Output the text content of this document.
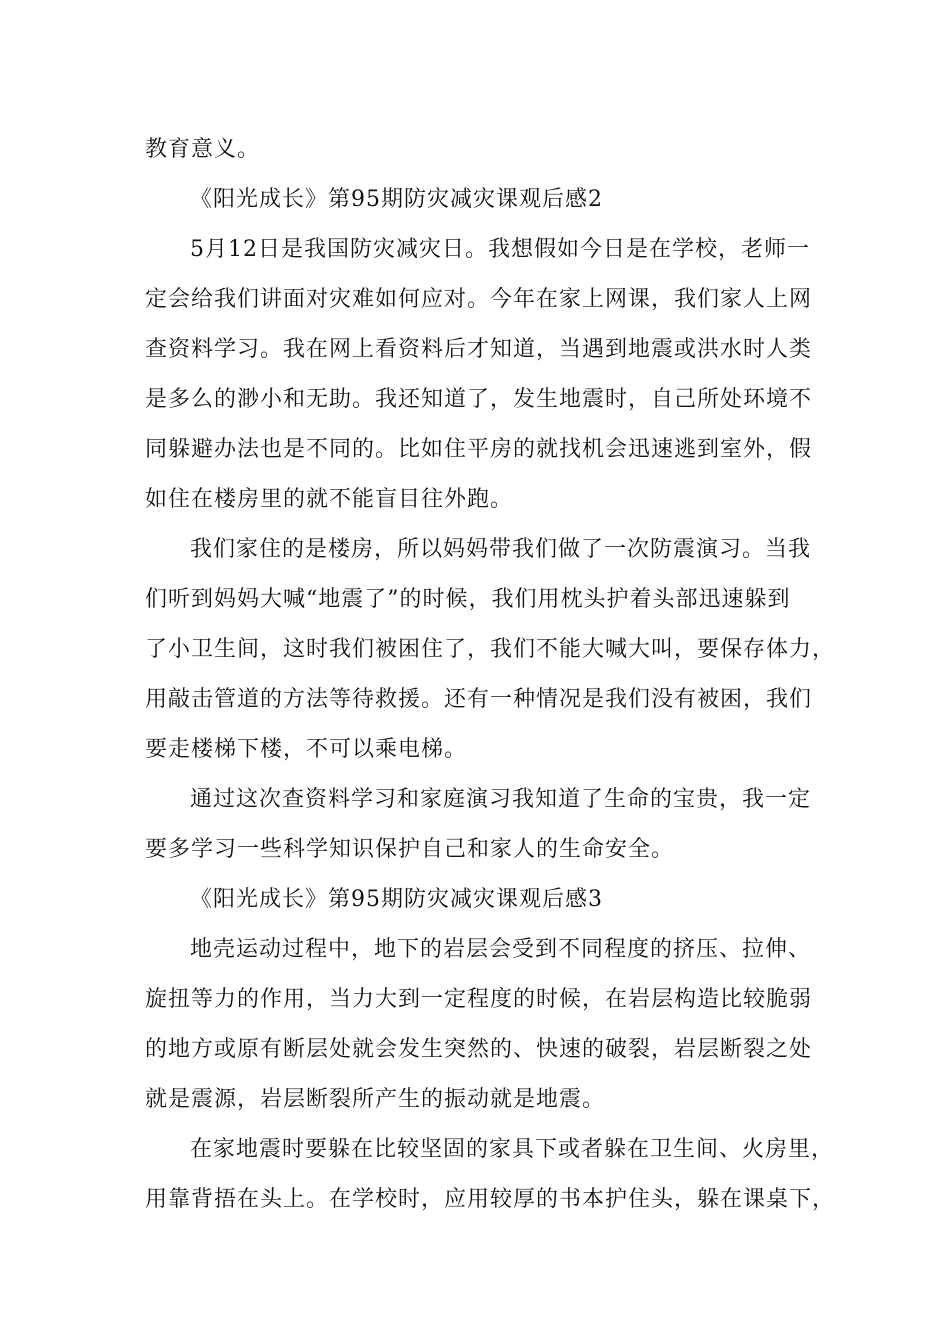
教育意义。
《阳光成长》第95期防灾减灾课观后感2
5月12日是我国防灾减灾日。我想假如今日是在学校，老师一
定会给我们讲面对灾难如何应对。今年在家上网课，我们家人上网
查资料学习。我在网上看资料后才知道，当遇到地震或洪水时人类
是多么的渺小和无助。我还知道了，发生地震时，自己所处环境不
同躲避办法也是不同的。比如住平房的就找机会迅速逃到室外，假
如住在楼房里的就不能盲目往外跑。
我们家住的是楼房，所以妈妈带我们做了一次防震演习。当我
们听到妈妈大喊“地震了”的时候，我们用枕头护着头部迅速躲到
了小卫生间，这时我们被困住了，我们不能大喊大叫，要保存体力，
用敲击管道的方法等待救援。还有一种情况是我们没有被困，我们
要走楼梯下楼，不可以乘电梯。
通过这次查资料学习和家庭演习我知道了生命的宝贵，我一定
要多学习一些科学知识保护自己和家人的生命安全。
《阳光成长》第95期防灾减灾课观后感3
地壳运动过程中，地下的岩层会受到不同程度的挤压、拉伸、
旋扭等力的作用，当力大到一定程度的时候，在岩层构造比较脆弱
的地方或原有断层处就会发生突然的、快速的破裂，岩层断裂之处
就是震源，岩层断裂所产生的振动就是地震。
在家地震时要躲在比较坚固的家具下或者躲在卫生间、火房里，
用靠背捂在头上。在学校时，应用较厚的书本护住头，躲在课桌下，
